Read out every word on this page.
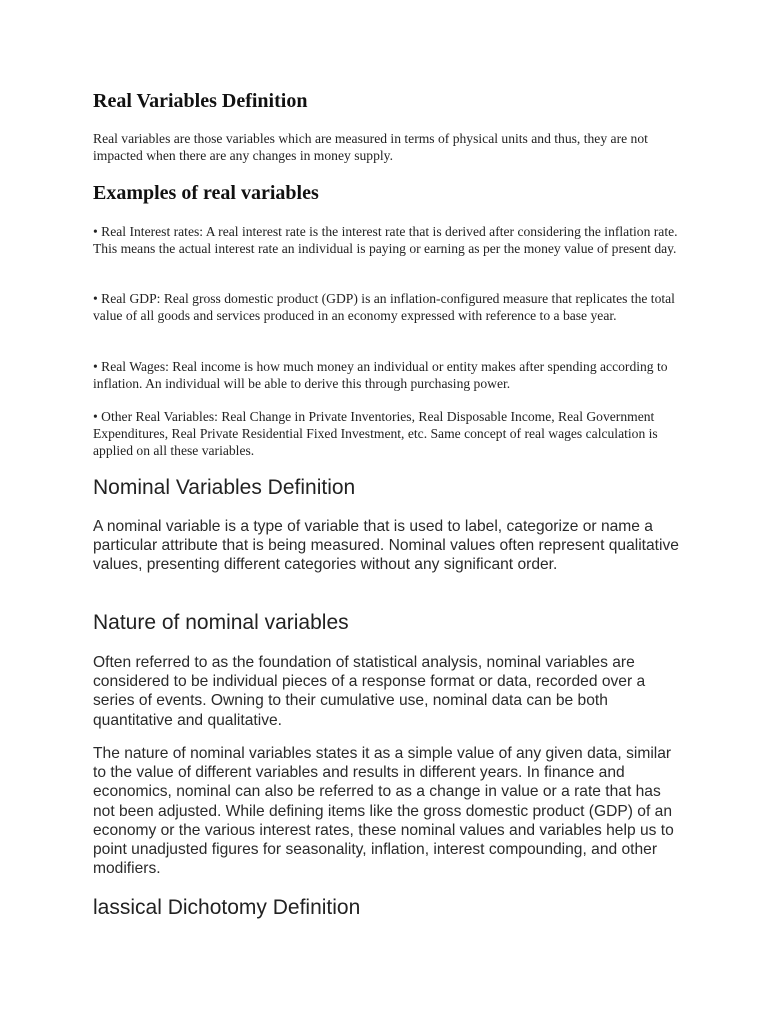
Real Variables Definition

Real variables are those variables which are measured in terms of physical units and thus, they are not impacted when there are any changes in money supply.

Examples of real variables

• Real Interest rates: A real interest rate is the interest rate that is derived after considering the inflation rate. This means the actual interest rate an individual is paying or earning as per the money value of present day.

• Real GDP: Real gross domestic product (GDP) is an inflation-configured measure that replicates the total value of all goods and services produced in an economy expressed with reference to a base year.

• Real Wages: Real income is how much money an individual or entity makes after spending according to inflation. An individual will be able to derive this through purchasing power.

• Other Real Variables: Real Change in Private Inventories, Real Disposable Income, Real Government Expenditures, Real Private Residential Fixed Investment, etc. Same concept of real wages calculation is applied on all these variables.

Nominal Variables Definition

A nominal variable is a type of variable that is used to label, categorize or name a particular attribute that is being measured. Nominal values often represent qualitative values, presenting different categories without any significant order.

Nature of nominal variables

Often referred to as the foundation of statistical analysis, nominal variables are considered to be individual pieces of a response format or data, recorded over a series of events. Owning to their cumulative use, nominal data can be both quantitative and qualitative.

The nature of nominal variables states it as a simple value of any given data, similar to the value of different variables and results in different years. In finance and economics, nominal can also be referred to as a change in value or a rate that has not been adjusted. While defining items like the gross domestic product (GDP) of an economy or the various interest rates, these nominal values and variables help us to point unadjusted figures for seasonality, inflation, interest compounding, and other modifiers.

lassical Dichotomy Definition
